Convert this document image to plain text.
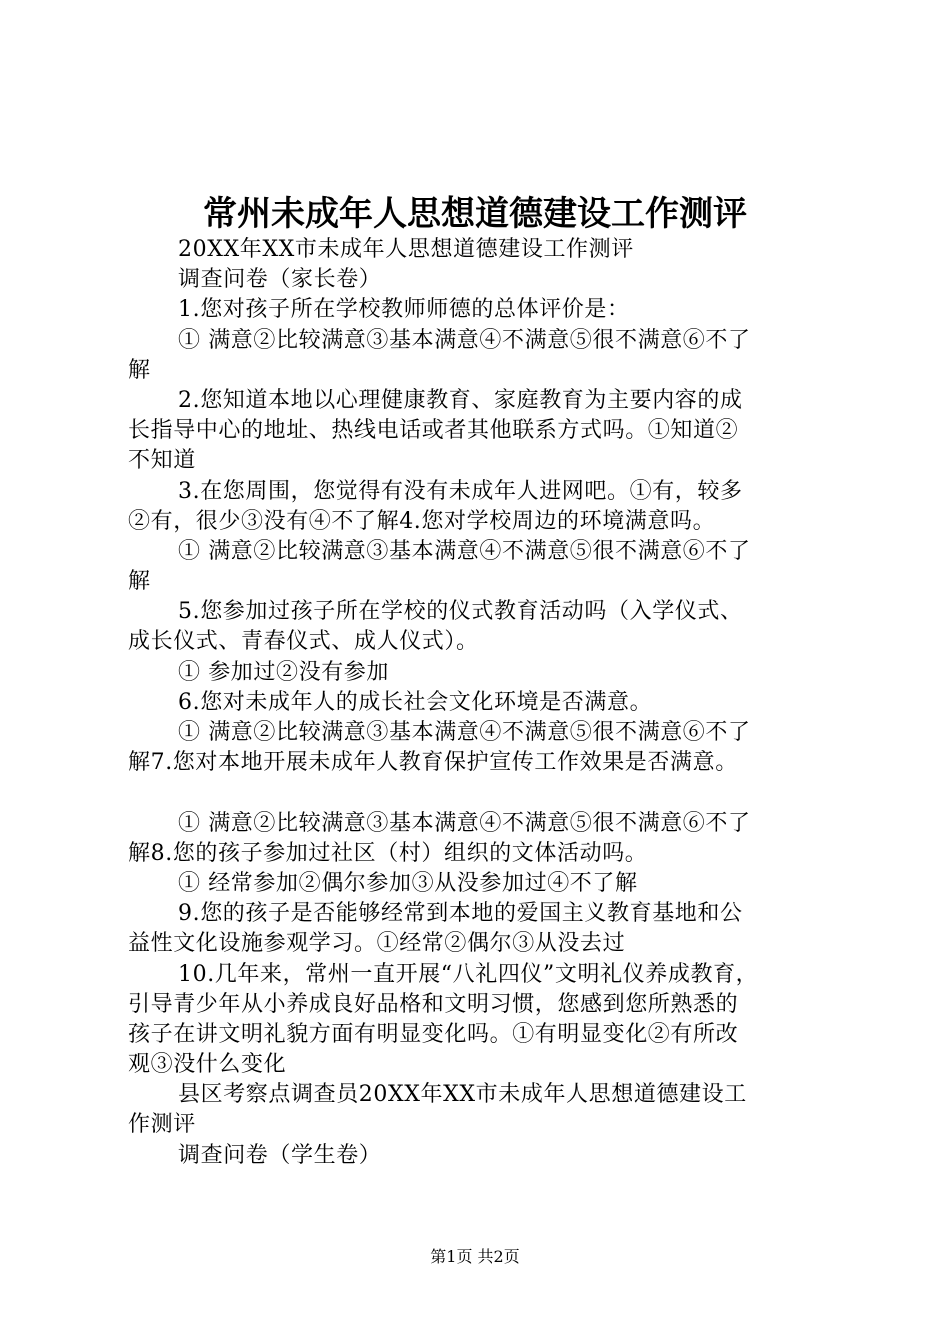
常州未成年人思想道德建设工作测评
20XX年XX市未成年人思想道德建设工作测评
调查问卷（家长卷）
1.您对孩子所在学校教师师德的总体评价是：
① 满意②比较满意③基本满意④不满意⑤很不满意⑥不了
解
2.您知道本地以心理健康教育、家庭教育为主要内容的成
长指导中心的地址、热线电话或者其他联系方式吗。①知道②
不知道
3.在您周围，您觉得有没有未成年人进网吧。①有，较多
②有，很少③没有④不了解4.您对学校周边的环境满意吗。
① 满意②比较满意③基本满意④不满意⑤很不满意⑥不了
解
5.您参加过孩子所在学校的仪式教育活动吗（入学仪式、
成长仪式、青春仪式、成人仪式）。
① 参加过②没有参加
6.您对未成年人的成长社会文化环境是否满意。
① 满意②比较满意③基本满意④不满意⑤很不满意⑥不了
解7.您对本地开展未成年人教育保护宣传工作效果是否满意。
① 满意②比较满意③基本满意④不满意⑤很不满意⑥不了
解8.您的孩子参加过社区（村）组织的文体活动吗。
① 经常参加②偶尔参加③从没参加过④不了解
9.您的孩子是否能够经常到本地的爱国主义教育基地和公
益性文化设施参观学习。①经常②偶尔③从没去过
10.几年来，常州一直开展“八礼四仪”文明礼仪养成教育，
引导青少年从小养成良好品格和文明习惯，您感到您所熟悉的
孩子在讲文明礼貌方面有明显变化吗。①有明显变化②有所改
观③没什么变化
县区考察点调查员20XX年XX市未成年人思想道德建设工
作测评
调查问卷（学生卷）
第1页 共2页
